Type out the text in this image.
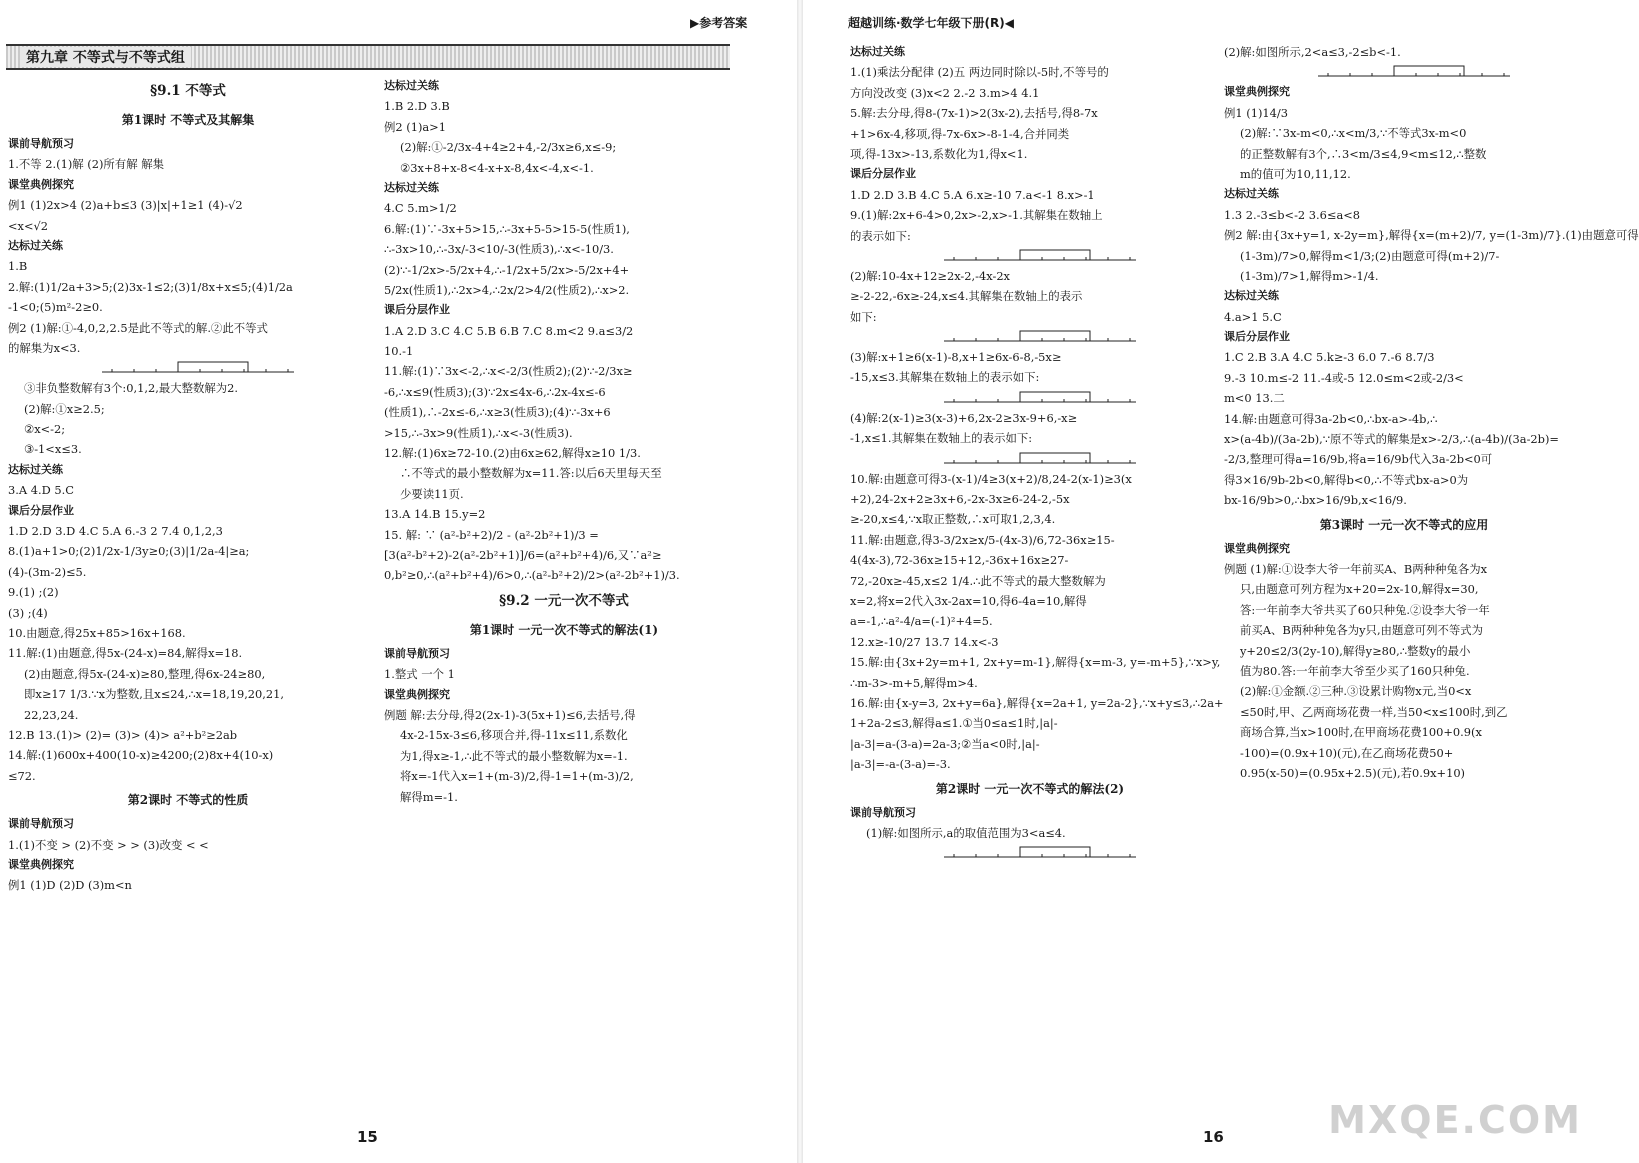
▶参考答案
第九章 不等式与不等式组
§9.1 不等式
第1课时 不等式及其解集
课前导航预习
1.不等 2.(1)解 (2)所有解 解集
课堂典例探究
例1 (1)2x>4 (2)a+b≤3 (3)|x|+1≥1 (4)-√2
<x<√2
达标过关练
1.B
2.解:(1)1/2a+3>5;(2)3x-1≤2;(3)1/8x+x≤5;(4)1/2a
-1<0;(5)m²-2≥0.
例2 (1)解:①-4,0,2,2.5是此不等式的解.②此不等式
的解集为x<3.
③非负整数解有3个:0,1,2,最大整数解为2.
(2)解:①x≥2.5;
②x<-2;
③-1<x≤3.
达标过关练
3.A 4.D 5.C
课后分层作业
1.D 2.D 3.D 4.C 5.A 6.-3 2 7.4 0,1,2,3
8.(1)a+1>0;(2)1/2x-1/3y≥0;(3)|1/2a-4|≥a;
(4)-(3m-2)≤5.
9.(1) ;(2)
(3) ;(4)
10.由题意,得25x+85>16x+168.
11.解:(1)由题意,得5x-(24-x)=84,解得x=18.
(2)由题意,得5x-(24-x)≥80,整理,得6x-24≥80,
即x≥17 1/3.∵x为整数,且x≤24,∴x=18,19,20,21,
22,23,24.
12.B 13.(1)> (2)= (3)> (4)> a²+b²≥2ab
14.解:(1)600x+400(10-x)≥4200;(2)8x+4(10-x)
≤72.
第2课时 不等式的性质
课前导航预习
1.(1)不变 > (2)不变 > > (3)改变 < <
课堂典例探究
例1 (1)D (2)D (3)m<n
达标过关练
1.B 2.D 3.B
例2 (1)a>1
(2)解:①-2/3x-4+4≥2+4,-2/3x≥6,x≤-9;
②3x+8+x-8<4-x+x-8,4x<-4,x<-1.
达标过关练
4.C 5.m>1/2
6.解:(1)∵-3x+5>15,∴-3x+5-5>15-5(性质1),
∴-3x>10,∴-3x/-3<10/-3(性质3),∴x<-10/3.
(2)∵-1/2x>-5/2x+4,∴-1/2x+5/2x>-5/2x+4+
5/2x(性质1),∴2x>4,∴2x/2>4/2(性质2),∴x>2.
课后分层作业
1.A 2.D 3.C 4.C 5.B 6.B 7.C 8.m<2 9.a≤3/2
10.-1
11.解:(1)∵3x<-2,∴x<-2/3(性质2);(2)∵-2/3x≥
-6,∴x≤9(性质3);(3)∵2x≤4x-6,∴2x-4x≤-6
(性质1),∴-2x≤-6,∴x≥3(性质3);(4)∵-3x+6
>15,∴-3x>9(性质1),∴x<-3(性质3).
12.解:(1)6x≥72-10.(2)由6x≥62,解得x≥10 1/3.
∴不等式的最小整数解为x=11.答:以后6天里每天至
少要读11页.
13.A 14.B 15.y=2
15. 解: ∵ (a²-b²+2)/2 - (a²-2b²+1)/3 =
[3(a²-b²+2)-2(a²-2b²+1)]/6=(a²+b²+4)/6,又∵a²≥
0,b²≥0,∴(a²+b²+4)/6>0,∴(a²-b²+2)/2>(a²-2b²+1)/3.
§9.2 一元一次不等式
第1课时 一元一次不等式的解法(1)
课前导航预习
1.整式 一个 1
课堂典例探究
例题 解:去分母,得2(2x-1)-3(5x+1)≤6,去括号,得
4x-2-15x-3≤6,移项合并,得-11x≤11,系数化
为1,得x≥-1,∴此不等式的最小整数解为x=-1.
将x=-1代入x=1+(m-3)/2,得-1=1+(m-3)/2,
解得m=-1.
15
超越训练·数学七年级下册(R)◀
达标过关练
1.(1)乘法分配律 (2)五 两边同时除以-5时,不等号的
方向没改变 (3)x<2 2.-2 3.m>4 4.1
5.解:去分母,得8-(7x-1)>2(3x-2),去括号,得8-7x
+1>6x-4,移项,得-7x-6x>-8-1-4,合并同类
项,得-13x>-13,系数化为1,得x<1.
课后分层作业
1.D 2.D 3.B 4.C 5.A 6.x≥-10 7.a<-1 8.x>-1
9.(1)解:2x+6-4>0,2x>-2,x>-1.其解集在数轴上
的表示如下:
(2)解:10-4x+12≥2x-2,-4x-2x
≥-2-22,-6x≥-24,x≤4.其解集在数轴上的表示
如下:
(3)解:x+1≥6(x-1)-8,x+1≥6x-6-8,-5x≥
-15,x≤3.其解集在数轴上的表示如下:
(4)解:2(x-1)≥3(x-3)+6,2x-2≥3x-9+6,-x≥
-1,x≤1.其解集在数轴上的表示如下:
10.解:由题意可得3-(x-1)/4≥3(x+2)/8,24-2(x-1)≥3(x
+2),24-2x+2≥3x+6,-2x-3x≥6-24-2,-5x
≥-20,x≤4,∵x取正整数,∴x可取1,2,3,4.
11.解:由题意,得3-3/2x≥x/5-(4x-3)/6,72-36x≥15-
4(4x-3),72-36x≥15+12,-36x+16x≥27-
72,-20x≥-45,x≤2 1/4.∴此不等式的最大整数解为
x=2,将x=2代入3x-2ax=10,得6-4a=10,解得
a=-1,∴a²-4/a=(-1)²+4=5.
12.x≥-10/27 13.7 14.x<-3
15.解:由{3x+2y=m+1, 2x+y=m-1},解得{x=m-3, y=-m+5},∵x>y,
∴m-3>-m+5,解得m>4.
16.解:由{x-y=3, 2x+y=6a},解得{x=2a+1, y=2a-2},∵x+y≤3,∴2a+
1+2a-2≤3,解得a≤1.①当0≤a≤1时,|a|-
|a-3|=a-(3-a)=2a-3;②当a<0时,|a|-
|a-3|=-a-(3-a)=-3.
第2课时 一元一次不等式的解法(2)
课前导航预习
(1)解:如图所示,a的取值范围为3<a≤4.
(2)解:如图所示,2<a≤3,-2≤b<-1.
课堂典例探究
例1 (1)14/3
(2)解:∵3x-m<0,∴x<m/3,∵不等式3x-m<0
的正整数解有3个,∴3<m/3≤4,9<m≤12,∴整数
m的值可为10,11,12.
达标过关练
1.3 2.-3≤b<-2 3.6≤a<8
例2 解:由{3x+y=1, x-2y=m},解得{x=(m+2)/7, y=(1-3m)/7}.(1)由题意可得
(1-3m)/7>0,解得m<1/3;(2)由题意可得(m+2)/7-
(1-3m)/7>1,解得m>-1/4.
达标过关练
4.a>1 5.C
课后分层作业
1.C 2.B 3.A 4.C 5.k≥-3 6.0 7.-6 8.7/3
9.-3 10.m≤-2 11.-4或-5 12.0≤m<2或-2/3<
m<0 13.二
14.解:由题意可得3a-2b<0,∴bx-a>-4b,∴
x>(a-4b)/(3a-2b),∵原不等式的解集是x>-2/3,∴(a-4b)/(3a-2b)=
-2/3,整理可得a=16/9b,将a=16/9b代入3a-2b<0可
得3×16/9b-2b<0,解得b<0,∴不等式bx-a>0为
bx-16/9b>0,∴bx>16/9b,x<16/9.
第3课时 一元一次不等式的应用
课堂典例探究
例题 (1)解:①设李大爷一年前买A、B两种种兔各为x
只,由题意可列方程为x+20=2x-10,解得x=30,
答:一年前李大爷共买了60只种兔.②设李大爷一年
前买A、B两种种兔各为y只,由题意可列不等式为
y+20≤2/3(2y-10),解得y≥80,∴整数y的最小
值为80.答:一年前李大爷至少买了160只种兔.
(2)解:①金额.②三种.③设累计购物x元,当0<x
≤50时,甲、乙两商场花费一样,当50<x≤100时,到乙
商场合算,当x>100时,在甲商场花费100+0.9(x
-100)=(0.9x+10)(元),在乙商场花费50+
0.95(x-50)=(0.95x+2.5)(元),若0.9x+10)
16	MXQE.COM
